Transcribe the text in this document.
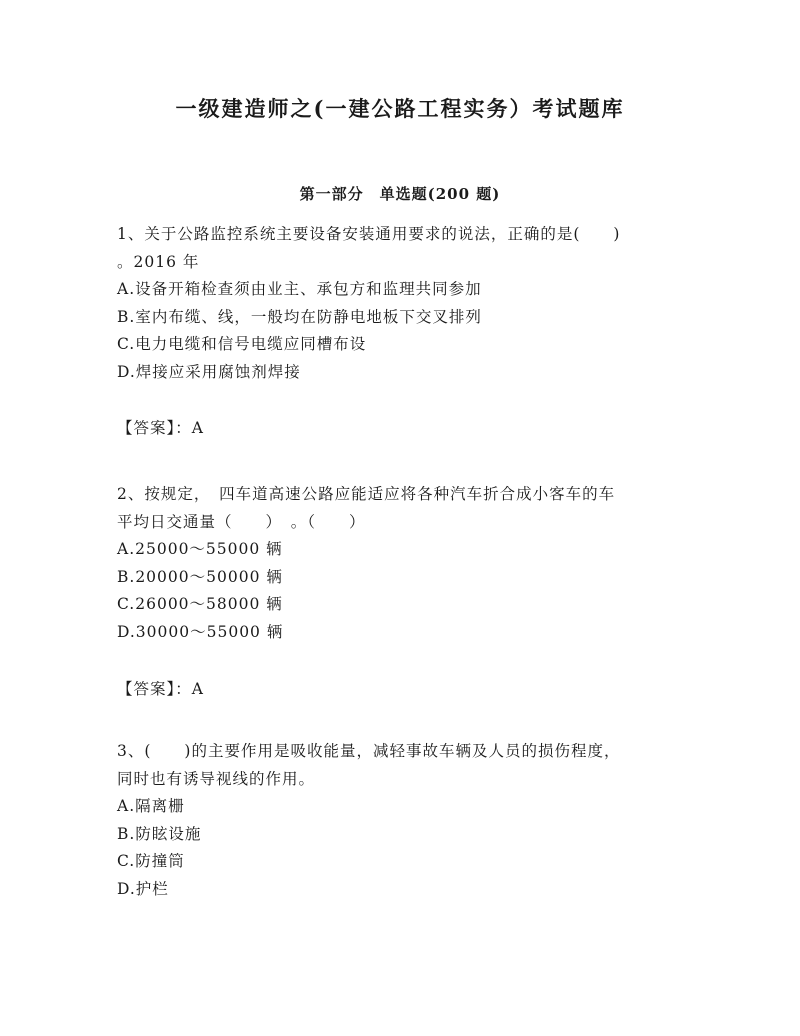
一级建造师之(一建公路工程实务）考试题库
第一部分　单选题(200 题)
1、关于公路监控系统主要设备安装通用要求的说法，正确的是(　　)
。2016 年
A.设备开箱检查须由业主、承包方和监理共同参加
B.室内布缆、线，一般均在防静电地板下交叉排列
C.电力电缆和信号电缆应同槽布设
D.焊接应采用腐蚀剂焊接
【答案】：A
2、按规定，　四车道高速公路应能适应将各种汽车折合成小客车的车
平均日交通量（　　）　。（　　）
A.25000～55000 辆
B.20000～50000 辆
C.26000～58000 辆
D.30000～55000 辆
【答案】：A
3、(　　)的主要作用是吸收能量，减轻事故车辆及人员的损伤程度，
同时也有诱导视线的作用。
A.隔离栅
B.防眩设施
C.防撞筒
D.护栏
